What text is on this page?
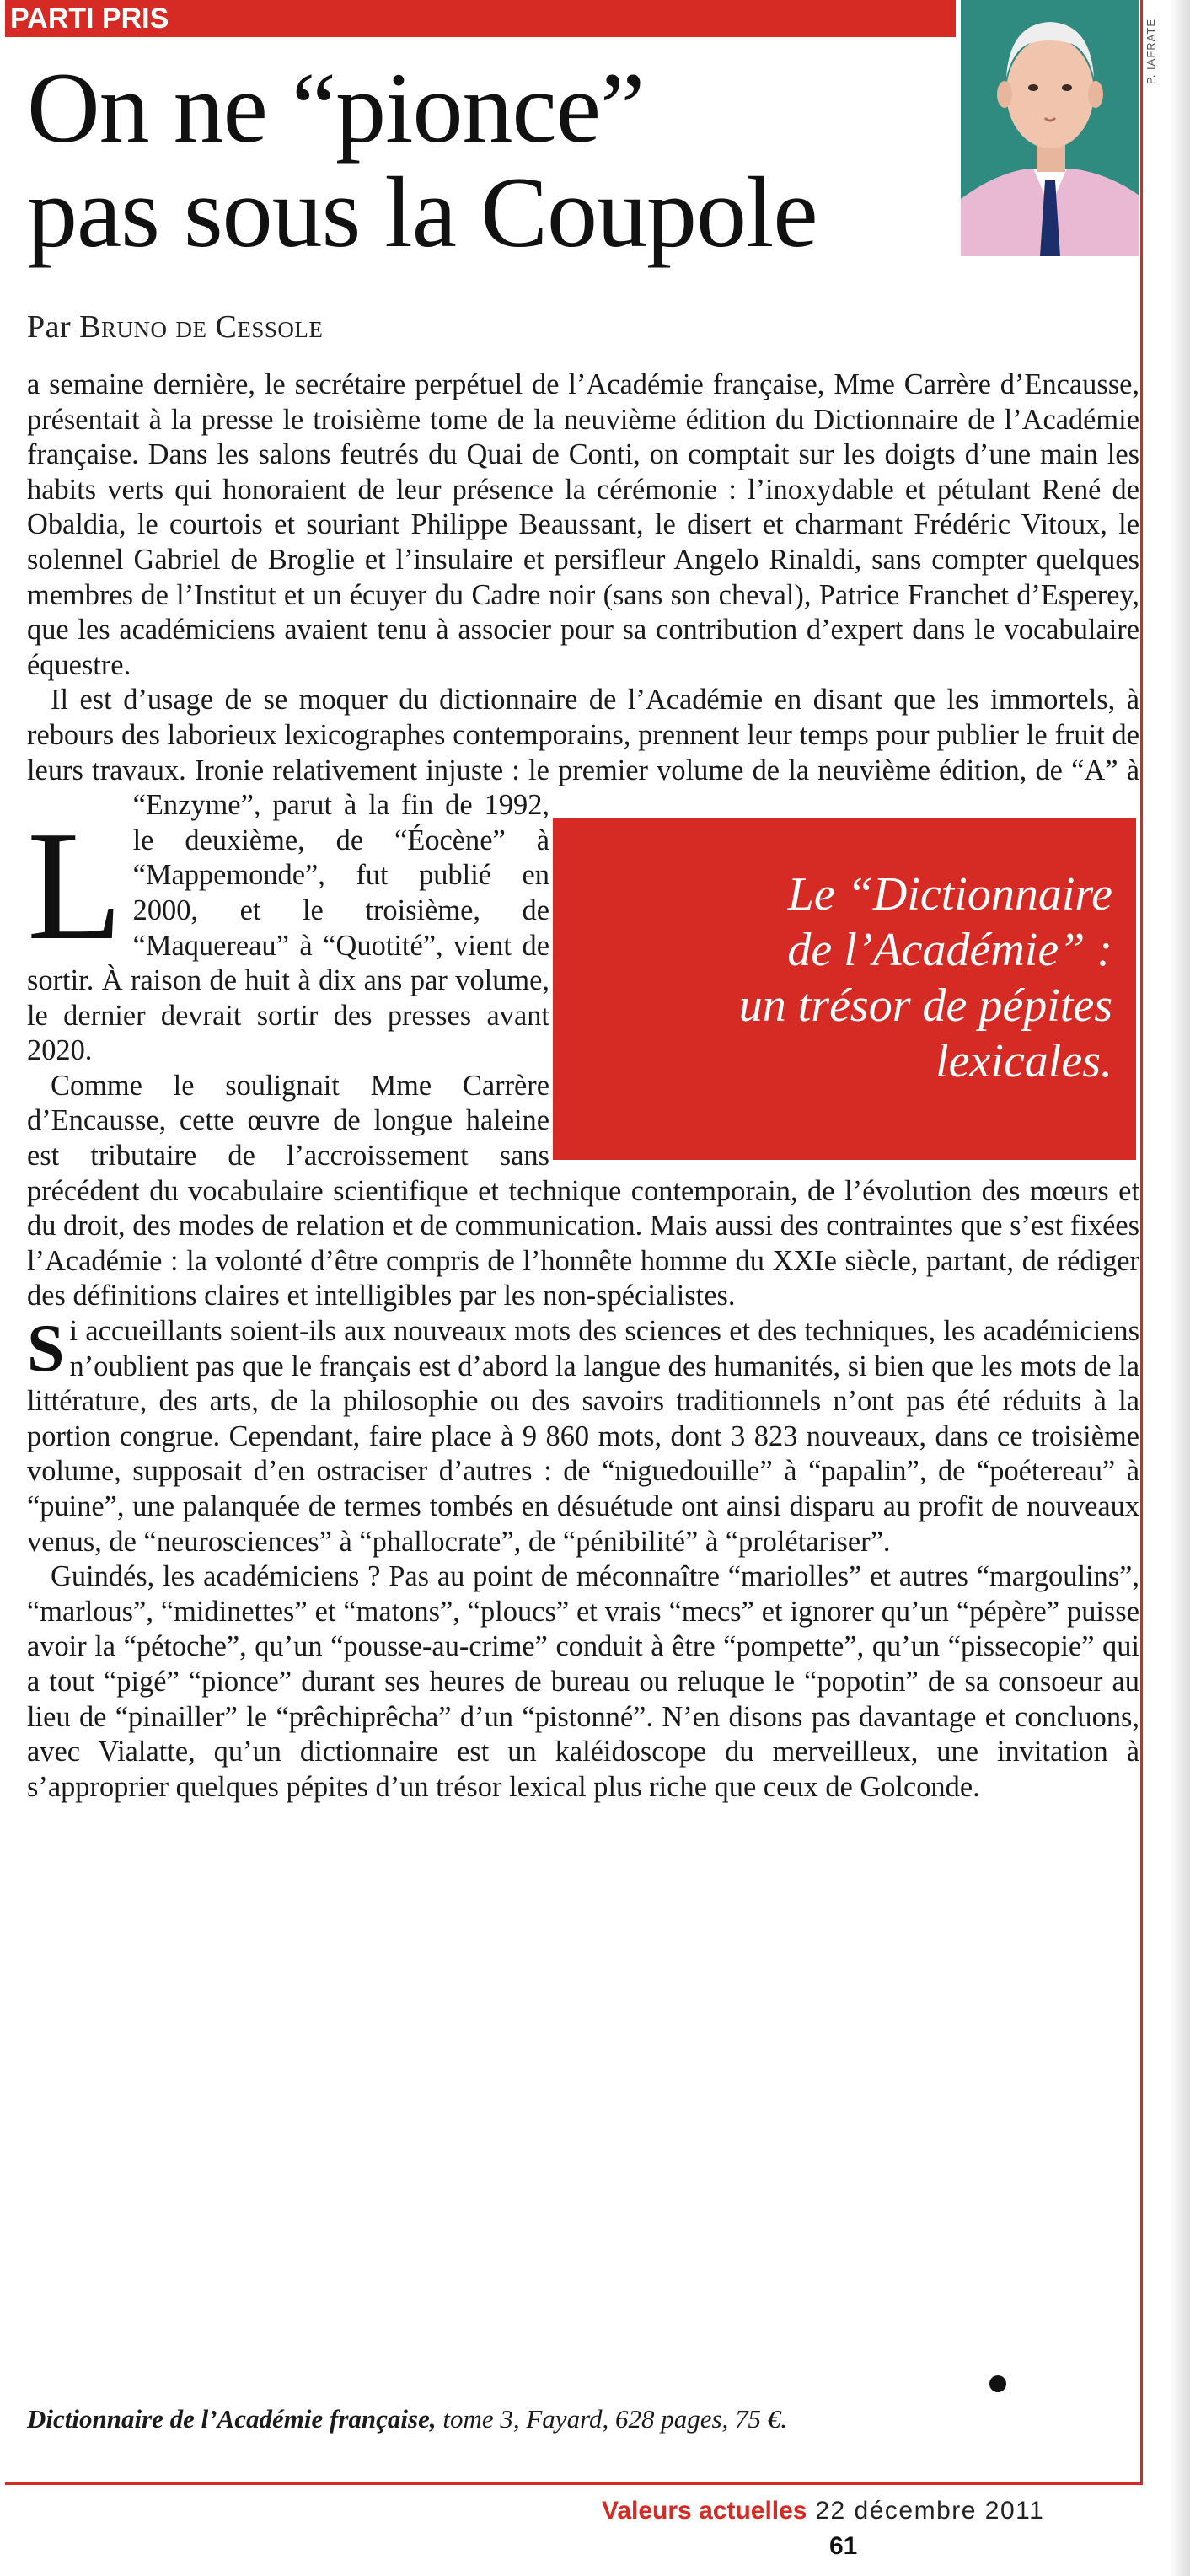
PARTI PRIS
On ne “pionce”
pas sous la Coupole
Par Bruno de Cessole

L
a semaine dernière, le secrétaire perpétuel de l’Académie française, Mme Carrère d’Encausse, présentait à la presse le troisième tome de la neuvième édition du Dictionnaire de l’Académie française. Dans les salons feutrés du Quai de Conti, on comptait sur les doigts d’une main les habits verts qui honoraient de leur présence la cérémonie : l’inoxydable et pétulant René de Obaldia, le courtois et souriant Philippe Beaussant, le disert et charmant Frédéric Vitoux, le solennel Gabriel de Broglie et l’insulaire et persifleur Angelo Rinaldi, sans compter quelques membres de l’Institut et un écuyer du Cadre noir (sans son cheval), Patrice Franchet d’Esperey, que les académiciens avaient tenu à associer pour sa contribution d’expert dans le vocabulaire équestre.

Il est d’usage de se moquer du dictionnaire de l’Académie en disant que les immortels, à rebours des laborieux lexicographes contemporains, prennent leur temps pour publier le fruit de leurs travaux. Ironie relativement injuste : le premier volume de la neuvième édition, de “A” à “Enzyme”, parut à la fin de 1992, le deuxième, de “Éocène” à “Mappemonde”, fut publié en 2000, et le troisième, de “Maquereau” à “Quotité”, vient de sortir. À raison de huit à dix ans par volume, le dernier devrait sortir des presses avant 2020.

Comme le soulignait Mme Carrère d’Encausse, cette œuvre de longue haleine est tributaire de l’accroissement sans précédent du vocabulaire scientifique et technique contemporain, de l’évolution des mœurs et du droit, des modes de relation et de communication. Mais aussi des contraintes que s’est fixées l’Académie : la volonté d’être compris de l’honnête homme du XXIe siècle, partant, de rédiger des définitions claires et intelligibles par les non-spécialistes.

Si accueillants soient-ils aux nouveaux mots des sciences et des techniques, les académiciens n’oublient pas que le français est d’abord la langue des humanités, si bien que les mots de la littérature, des arts, de la philosophie ou des savoirs traditionnels n’ont pas été réduits à la portion congrue. Cependant, faire place à 9 860 mots, dont 3 823 nouveaux, dans ce troisième volume, supposait d’en ostraciser d’autres : de “niguedouille” à “papalin”, de “poétereau” à “puine”, une palanquée de termes tombés en désuétude ont ainsi disparu au profit de nouveaux venus, de “neurosciences” à “phallocrate”, de “pénibilité” à “prolétariser”.

Guindés, les académiciens ? Pas au point de méconnaître “mariolles” et autres “margoulins”, “marlous”, “midinettes” et “matons”, “ploucs” et vrais “mecs” et ignorer qu’un “pépère” puisse avoir la “pétoche”, qu’un “pousse-au-crime” conduit à être “pompette”, qu’un “pissecopie” qui a tout “pigé” “pionce” durant ses heures de bureau ou reluque le “popotin” de sa consoeur au lieu de “pinailler” le “prêchiprêcha” d’un “pistonné”. N’en disons pas davantage et concluons, avec Vialatte, qu’un dictionnaire est un kaléidoscope du merveilleux, une invitation à s’approprier quelques pépites d’un trésor lexical plus riche que ceux de Golconde.

Le “Dictionnaire
de l’Académie” :
un trésor de pépites
lexicales.
Dictionnaire de l’Académie française, tome 3, Fayard, 628 pages, 75 €.
P. IAFRATE
Valeurs actuelles 22 décembre 2011
61
